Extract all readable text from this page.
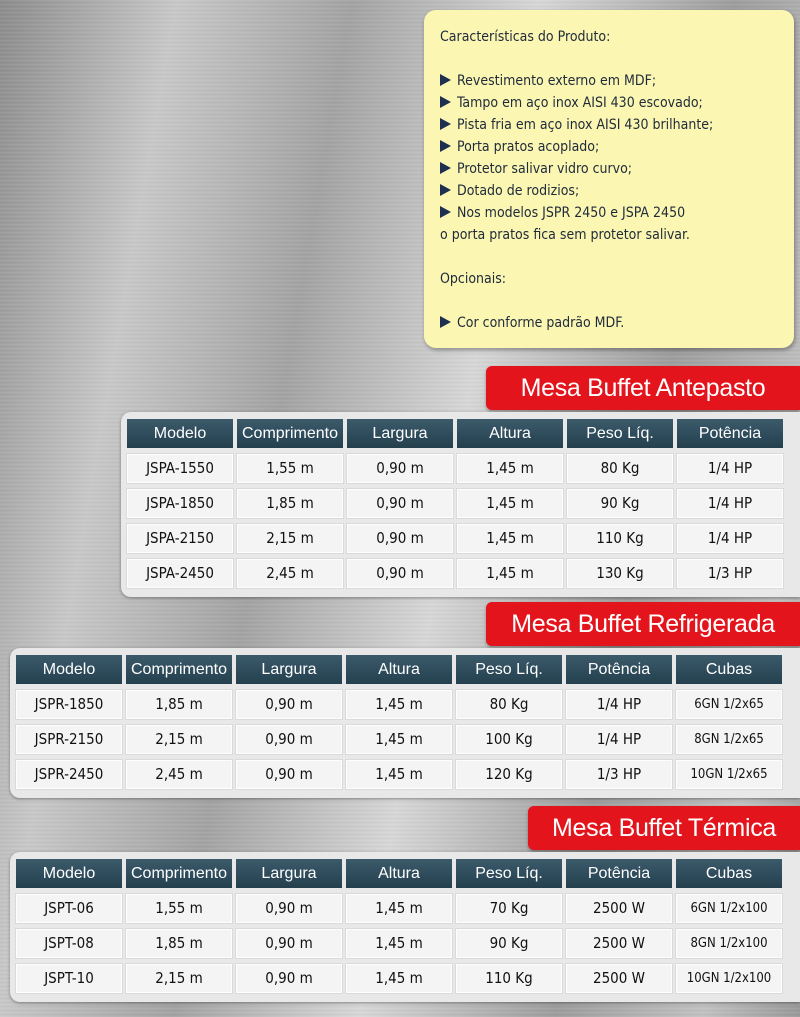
Características do Produto:
Revestimento externo em MDF;
Tampo em aço inox AISI 430 escovado;
Pista fria em aço inox AISI 430 brilhante;
Porta pratos acoplado;
Protetor salivar vidro curvo;
Dotado de rodizios;
Nos modelos JSPR 2450 e JSPA 2450
o porta pratos fica sem protetor salivar.
Opcionais:
Cor conforme padrão MDF.
Mesa Buffet Antepasto
Modelo	Comprimento	Largura	Altura	Peso Líq.	Potência
JSPA-1550	1,55 m	0,90 m	1,45 m	80 Kg	1/4 HP
JSPA-1850	1,85 m	0,90 m	1,45 m	90 Kg	1/4 HP
JSPA-2150	2,15 m	0,90 m	1,45 m	110 Kg	1/4 HP
JSPA-2450	2,45 m	0,90 m	1,45 m	130 Kg	1/3 HP
Mesa Buffet Refrigerada
Modelo	Comprimento	Largura	Altura	Peso Líq.	Potência	Cubas
JSPR-1850	1,85 m	0,90 m	1,45 m	80 Kg	1/4 HP	6GN 1/2x65
JSPR-2150	2,15 m	0,90 m	1,45 m	100 Kg	1/4 HP	8GN 1/2x65
JSPR-2450	2,45 m	0,90 m	1,45 m	120 Kg	1/3 HP	10GN 1/2x65
Mesa Buffet Térmica
Modelo	Comprimento	Largura	Altura	Peso Líq.	Potência	Cubas
JSPT-06	1,55 m	0,90 m	1,45 m	70 Kg	2500 W	6GN 1/2x100
JSPT-08	1,85 m	0,90 m	1,45 m	90 Kg	2500 W	8GN 1/2x100
JSPT-10	2,15 m	0,90 m	1,45 m	110 Kg	2500 W	10GN 1/2x100
